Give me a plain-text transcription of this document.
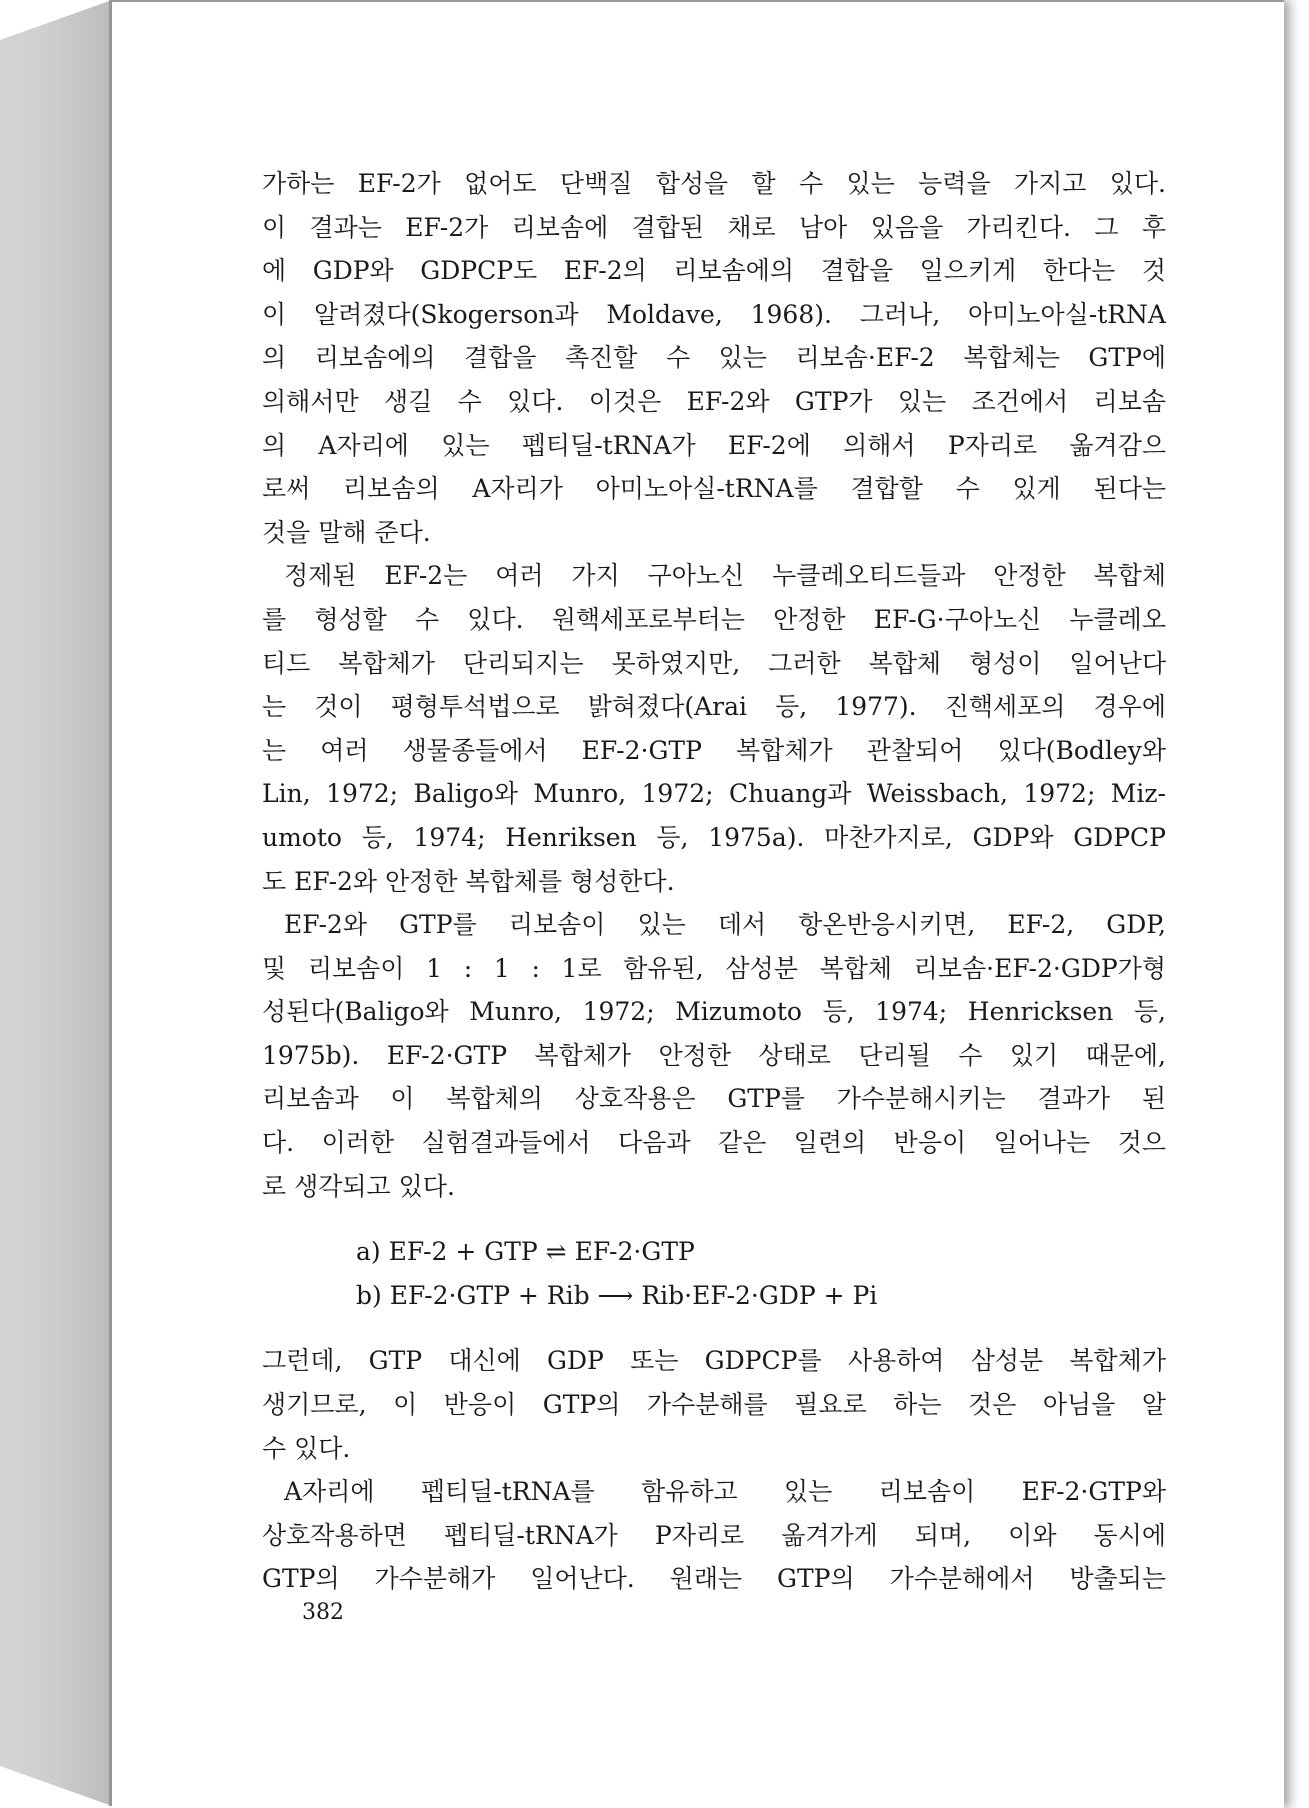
가하는 EF-2가 없어도 단백질 합성을 할 수 있는 능력을 가지고 있다.
이 결과는 EF-2가 리보솜에 결합된 채로 남아 있음을 가리킨다. 그 후
에 GDP와 GDPCP도 EF-2의 리보솜에의 결합을 일으키게 한다는 것
이 알려졌다(Skogerson과 Moldave, 1968). 그러나, 아미노아실-tRNA
의 리보솜에의 결합을 촉진할 수 있는 리보솜·EF-2 복합체는 GTP에
의해서만 생길 수 있다. 이것은 EF-2와 GTP가 있는 조건에서 리보솜
의 A자리에 있는 펩티딜-tRNA가 EF-2에 의해서 P자리로 옮겨감으
로써 리보솜의 A자리가 아미노아실-tRNA를 결합할 수 있게 된다는
것을 말해 준다.
정제된 EF-2는 여러 가지 구아노신 누클레오티드들과 안정한 복합체
를 형성할 수 있다. 원핵세포로부터는 안정한 EF-G·구아노신 누클레오
티드 복합체가 단리되지는 못하였지만, 그러한 복합체 형성이 일어난다
는 것이 평형투석법으로 밝혀졌다(Arai 등, 1977). 진핵세포의 경우에
는 여러 생물종들에서 EF-2·GTP 복합체가 관찰되어 있다(Bodley와
Lin, 1972; Baligo와 Munro, 1972; Chuang과 Weissbach, 1972; Miz-
umoto 등, 1974; Henriksen 등, 1975a). 마찬가지로, GDP와 GDPCP
도 EF-2와 안정한 복합체를 형성한다.
EF-2와 GTP를 리보솜이 있는 데서 항온반응시키면, EF-2, GDP,
및 리보솜이 1 : 1 : 1로 함유된, 삼성분 복합체 리보솜·EF-2·GDP가형
성된다(Baligo와 Munro, 1972; Mizumoto 등, 1974; Henricksen 등,
1975b). EF-2·GTP 복합체가 안정한 상태로 단리될 수 있기 때문에,
리보솜과 이 복합체의 상호작용은 GTP를 가수분해시키는 결과가 된
다. 이러한 실험결과들에서 다음과 같은 일련의 반응이 일어나는 것으
로 생각되고 있다.
a) EF-2 + GTP ⇌ EF-2·GTP
b) EF-2·GTP + Rib ⟶ Rib·EF-2·GDP + Pi
그런데, GTP 대신에 GDP 또는 GDPCP를 사용하여 삼성분 복합체가
생기므로, 이 반응이 GTP의 가수분해를 필요로 하는 것은 아님을 알
수 있다.
A자리에 펩티딜-tRNA를 함유하고 있는 리보솜이 EF-2·GTP와
상호작용하면 펩티딜-tRNA가 P자리로 옮겨가게 되며, 이와 동시에
GTP의 가수분해가 일어난다. 원래는 GTP의 가수분해에서 방출되는
382
